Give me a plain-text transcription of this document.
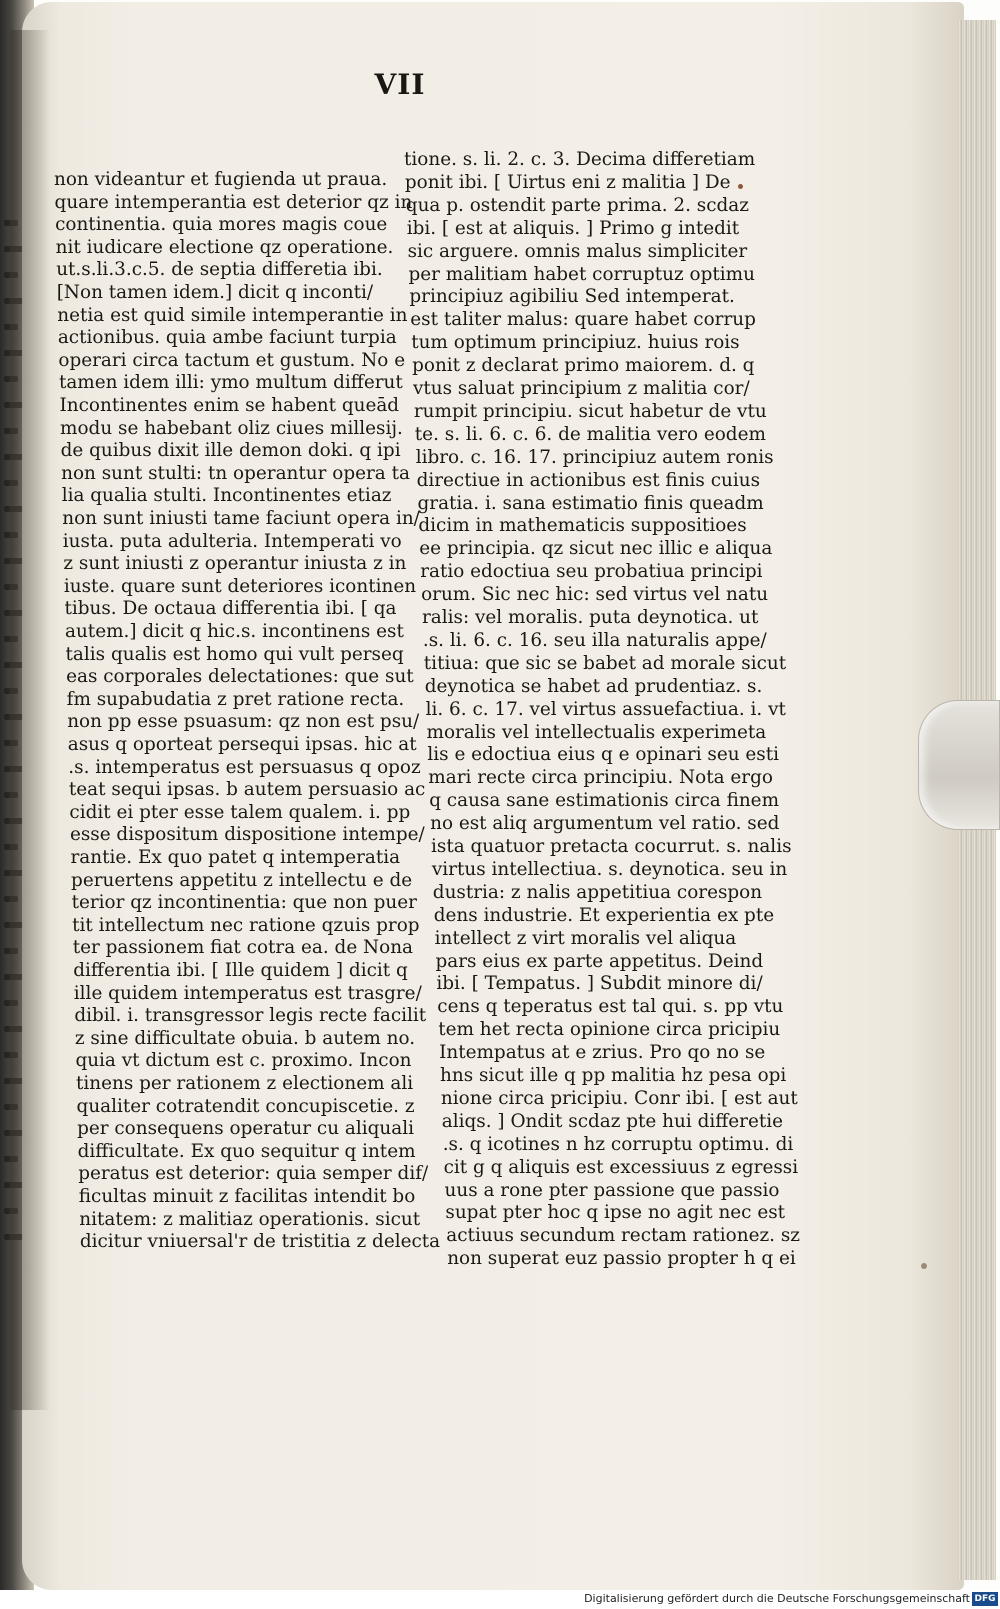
VII
non videantur et fugienda ut praua.
quare intemperantia est deterior qz in
continentia. quia mores magis coue
nit iudicare electione qz operatione.
ut.s.li.3.c.5. de septia differetia ibi.
[Non tamen idem.] dicit q inconti/
netia est quid simile intemperantie in
actionibus. quia ambe faciunt turpia
operari circa tactum et gustum. No e
tamen idem illi: ymo multum differut
Incontinentes enim se habent queād
modu se habebant oliz ciues millesij.
de quibus dixit ille demon doki. q ipi
non sunt stulti: tn operantur opera ta
lia qualia stulti. Incontinentes etiaz
non sunt iniusti tame faciunt opera in/
iusta. puta adulteria. Intemperati vo
z sunt iniusti z operantur iniusta z in
iuste. quare sunt deteriores icontinen
tibus. De octaua differentia ibi. [ qa
autem.] dicit q hic.s. incontinens est
talis qualis est homo qui vult perseq
eas corporales delectationes: que sut
fm supabudatia z pret ratione recta.
non pp esse psuasum: qz non est psu/
asus q oporteat persequi ipsas. hic at
.s. intemperatus est persuasus q opoz
teat sequi ipsas. b autem persuasio ac
cidit ei pter esse talem qualem. i. pp
esse dispositum dispositione intempe/
rantie. Ex quo patet q intemperatia
peruertens appetitu z intellectu e de
terior qz incontinentia: que non puer
tit intellectum nec ratione qzuis prop
ter passionem fiat cotra ea. de Nona
differentia ibi. [ Ille quidem ] dicit q
ille quidem intemperatus est trasgre/
dibil. i. transgressor legis recte facilit
z sine difficultate obuia. b autem no.
quia vt dictum est c. proximo. Incon
tinens per rationem z electionem ali
qualiter cotratendit concupiscetie. z
per consequens operatur cu aliquali
difficultate. Ex quo sequitur q intem
peratus est deterior: quia semper dif/
ficultas minuit z facilitas intendit bo
nitatem: z malitiaz operationis. sicut
dicitur vniuersal'r de tristitia z delecta
tione. s. li. 2. c. 3. Decima differetiam
ponit ibi. [ Uirtus eni z malitia ] De
qua p. ostendit parte prima. 2. scdaz
ibi. [ est at aliquis. ] Primo g intedit
sic arguere. omnis malus simpliciter
per malitiam habet corruptuz optimu
principiuz agibiliu Sed intemperat.
est taliter malus: quare habet corrup
tum optimum principiuz. huius rois
ponit z declarat primo maiorem. d. q
vtus saluat principium z malitia cor/
rumpit principiu. sicut habetur de vtu
te. s. li. 6. c. 6. de malitia vero eodem
libro. c. 16. 17. principiuz autem ronis
directiue in actionibus est finis cuius
gratia. i. sana estimatio finis queadm
dicim in mathematicis suppositioes
ee principia. qz sicut nec illic e aliqua
ratio edoctiua seu probatiua principi
orum. Sic nec hic: sed virtus vel natu
ralis: vel moralis. puta deynotica. ut
.s. li. 6. c. 16. seu illa naturalis appe/
titiua: que sic se babet ad morale sicut
deynotica se habet ad prudentiaz. s.
li. 6. c. 17. vel virtus assuefactiua. i. vt
moralis vel intellectualis experimeta
lis e edoctiua eius q e opinari seu esti
mari recte circa principiu. Nota ergo
q causa sane estimationis circa finem
no est aliq argumentum vel ratio. sed
ista quatuor pretacta cocurrut. s. nalis
virtus intellectiua. s. deynotica. seu in
dustria: z nalis appetitiua corespon
dens industrie. Et experientia ex pte
intellect z virt moralis vel aliqua
pars eius ex parte appetitus. Deind
ibi. [ Tempatus. ] Subdit minore di/
cens q teperatus est tal qui. s. pp vtu
tem het recta opinione circa pricipiu
Intempatus at e zrius. Pro qo no se
hns sicut ille q pp malitia hz pesa opi
nione circa pricipiu. Conr ibi. [ est aut
aliqs. ] Ondit scdaz pte hui differetie
.s. q icotines n hz corruptu optimu. di
cit g q aliquis est excessiuus z egressi
uus a rone pter passione que passio
supat pter hoc q ipse no agit nec est
actiuus secundum rectam rationez. sz
non superat euz passio propter h q ei
Digitalisierung gefördert durch die Deutsche Forschungsgemeinschaft DFG
